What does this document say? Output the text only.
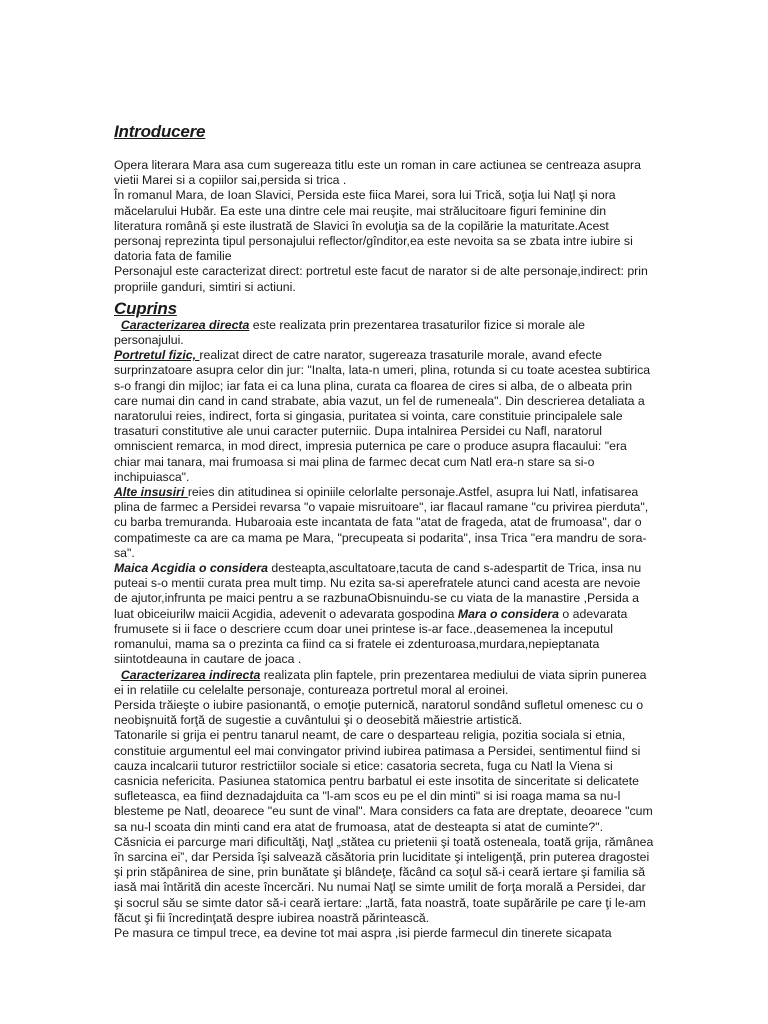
Introducere

Opera literara Mara asa cum sugereaza titlu este un roman in care actiunea se centreaza asupra vietii Marei si a copiilor sai,persida si trica .

În romanul Mara, de Ioan Slavici, Persida este fiica Marei, sora lui Trică, soţia lui Naţl şi nora măcelarului Hubăr. Ea este una dintre cele mai reuşite, mai strălucitoare figuri feminine din literatura română şi este ilustrată de Slavici în evoluţia sa de la copilărie la maturitate.Acest personaj reprezinta tipul personajului reflector/gînditor,ea este nevoita sa se zbata intre iubire si datoria fata de familie

Personajul este caracterizat direct: portretul este facut de narator si de alte personaje,indirect: prin propriile ganduri, simtiri si actiuni.

Cuprins

Caracterizarea directa este realizata prin prezentarea trasaturilor fizice si morale ale personajului.

Portretul fizic, realizat direct de catre narator, sugereaza trasaturile morale, avand efecte surprinzatoare asupra celor din jur: "Inalta, lata-n umeri, plina, rotunda si cu toate acestea subtirica s-o frangi din mijloc; iar fata ei ca luna plina, curata ca floarea de cires si alba, de o albeata prin care numai din cand in cand strabate, abia vazut, un fel de rumeneala". Din descrierea detaliata a naratorului reies, indirect, forta si gingasia, puritatea si vointa, care constituie principalele sale trasaturi constitutive ale unui caracter puterniic. Dupa intalnirea Persidei cu Nafl, naratorul omniscient remarca, in mod direct, impresia puternica pe care o produce asupra flacaului: "era chiar mai tanara, mai frumoasa si mai plina de farmec decat cum Natl era-n stare sa si-o inchipuiasca".

Alte insusiri reies din atitudinea si opiniile celorlalte personaje.Astfel, asupra lui Natl, infatisarea plina de farmec a Persidei revarsa "o vapaie misruitoare", iar flacaul ramane "cu privirea pierduta", cu barba tremuranda. Hubaroaia este incantata de fata "atat de frageda, atat de frumoasa", dar o compatimeste ca are ca mama pe Mara, "precupeata si podarita", insa Trica "era mandru de sora-sa".

Maica Acgidia o considera desteapta,ascultatoare,tacuta de cand s-adespartit de Trica, insa nu puteai s-o mentii curata prea mult timp. Nu ezita sa-si aperefratele atunci cand acesta are nevoie de ajutor,infrunta pe maici pentru a se razbunaObisnuindu-se cu viata de la manastire ,Persida a luat obiceiurilw maicii Acgidia, adevenit o adevarata gospodina Mara o considera o adevarata frumusete si ii face o descriere ccum doar unei printese is-ar face.,deasemenea la inceputul romanului, mama sa o prezinta ca fiind ca si fratele ei zdenturoasa,murdara,nepieptanata siintotdeauna in cautare de joaca .

Caracterizarea indirecta realizata plin faptele, prin prezentarea mediului de viata siprin punerea ei in relatiile cu celelalte personaje, contureaza portretul moral al eroinei.

Persida trăieşte o iubire pasionantă, o emoţie puternică, naratorul sondând sufletul omenesc cu o neobişnuită forţă de sugestie a cuvântului şi o deosebită măiestrie artistică.

Tatonarile si grija ei pentru tanarul neamt, de care o desparteau religia, pozitia sociala si etnia, constituie argumentul eel mai convingator privind iubirea patimasa a Persidei, sentimentul fiind si cauza incalcarii tuturor restrictiilor sociale si etice: casatoria secreta, fuga cu Natl la Viena si casnicia nefericita. Pasiunea statomica pentru barbatul ei este insotita de sinceritate si delicatete sufleteasca, ea fiind deznadajduita ca "l-am scos eu pe el din minti" si isi roaga mama sa nu-l blesteme pe Natl, deoarece "eu sunt de vinal". Mara considers ca fata are dreptate, deoarece "cum sa nu-l scoata din minti cand era atat de frumoasa, atat de desteapta si atat de cuminte?".

Căsnicia ei parcurge mari dificultăţi, Naţl „stătea cu prietenii şi toată osteneala, toată grija, rămânea în sarcina ei”, dar Persida îşi salvează căsătoria prin luciditate şi inteligenţă, prin puterea dragostei şi prin stăpânirea de sine, prin bunătate şi blândeţe, făcând ca soţul să-i ceară iertare şi familia să iasă mai întărită din aceste încercări. Nu numai Naţl se simte umilit de forţa morală a Persidei, dar şi socrul său se simte dator să-i ceară iertare: „Iartă, fata noastră, toate supărările pe care ţi le-am făcut şi fii încredinţată despre iubirea noastră părintească.

Pe masura ce timpul trece, ea devine tot mai aspra ,isi pierde farmecul din tinerete sicapata
